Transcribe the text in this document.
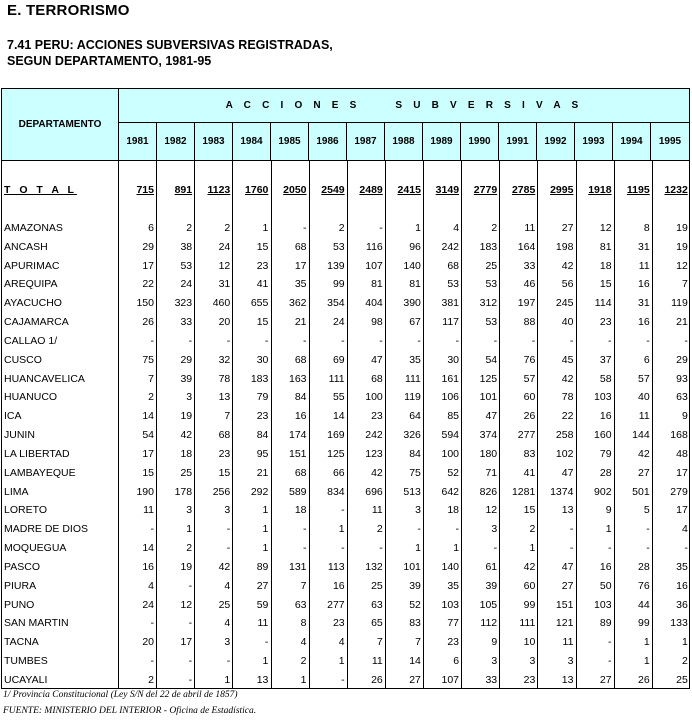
E. TERRORISMO
7.41 PERU: ACCIONES SUBVERSIVAS REGISTRADAS,
SEGUN DEPARTAMENTO, 1981-95
DEPARTAMENTO
A C C I O N E S     S U B V E R S I V A S
1981	1982	1983	1984	1985	1986	1987	1988	1989	1990	1991	1992	1993	1994	1995
T O T A L	715	891	1123	1760	2050	2549	2489	2415	3149	2779	2785	2995	1918	1195	1232
AMAZONAS	6	2	2	1	-	2	-	1	4	2	11	27	12	8	19
ANCASH	29	38	24	15	68	53	116	96	242	183	164	198	81	31	19
APURIMAC	17	53	12	23	17	139	107	140	68	25	33	42	18	11	12
AREQUIPA	22	24	31	41	35	99	81	81	53	53	46	56	15	16	7
AYACUCHO	150	323	460	655	362	354	404	390	381	312	197	245	114	31	119
CAJAMARCA	26	33	20	15	21	24	98	67	117	53	88	40	23	16	21
CALLAO 1/	-	-	-	-	-	-	-	-	-	-	-	-	-	-	-
CUSCO	75	29	32	30	68	69	47	35	30	54	76	45	37	6	29
HUANCAVELICA	7	39	78	183	163	111	68	111	161	125	57	42	58	57	93
HUANUCO	2	3	13	79	84	55	100	119	106	101	60	78	103	40	63
ICA	14	19	7	23	16	14	23	64	85	47	26	22	16	11	9
JUNIN	54	42	68	84	174	169	242	326	594	374	277	258	160	144	168
LA LIBERTAD	17	18	23	95	151	125	123	84	100	180	83	102	79	42	48
LAMBAYEQUE	15	25	15	21	68	66	42	75	52	71	41	47	28	27	17
LIMA	190	178	256	292	589	834	696	513	642	826	1281	1374	902	501	279
LORETO	11	3	3	1	18	-	11	3	18	12	15	13	9	5	17
MADRE DE DIOS	-	1	-	1	-	1	2	-	-	3	2	-	1	-	4
MOQUEGUA	14	2	-	1	-	-	-	1	1	-	1	-	-	-	-
PASCO	16	19	42	89	131	113	132	101	140	61	42	47	16	28	35
PIURA	4	-	4	27	7	16	25	39	35	39	60	27	50	76	16
PUNO	24	12	25	59	63	277	63	52	103	105	99	151	103	44	36
SAN MARTIN	-	-	4	11	8	23	65	83	77	112	111	121	89	99	133
TACNA	20	17	3	-	4	4	7	7	23	9	10	11	-	1	1
TUMBES	-	-	-	1	2	1	11	14	6	3	3	3	-	1	2
UCAYALI	2	-	1	13	1	-	26	27	107	33	23	13	27	26	25
1/ Provincia Constitucional (Ley S/N del 22 de abril de 1857)
FUENTE: MINISTERIO DEL INTERIOR - Oficina de Estadística.
